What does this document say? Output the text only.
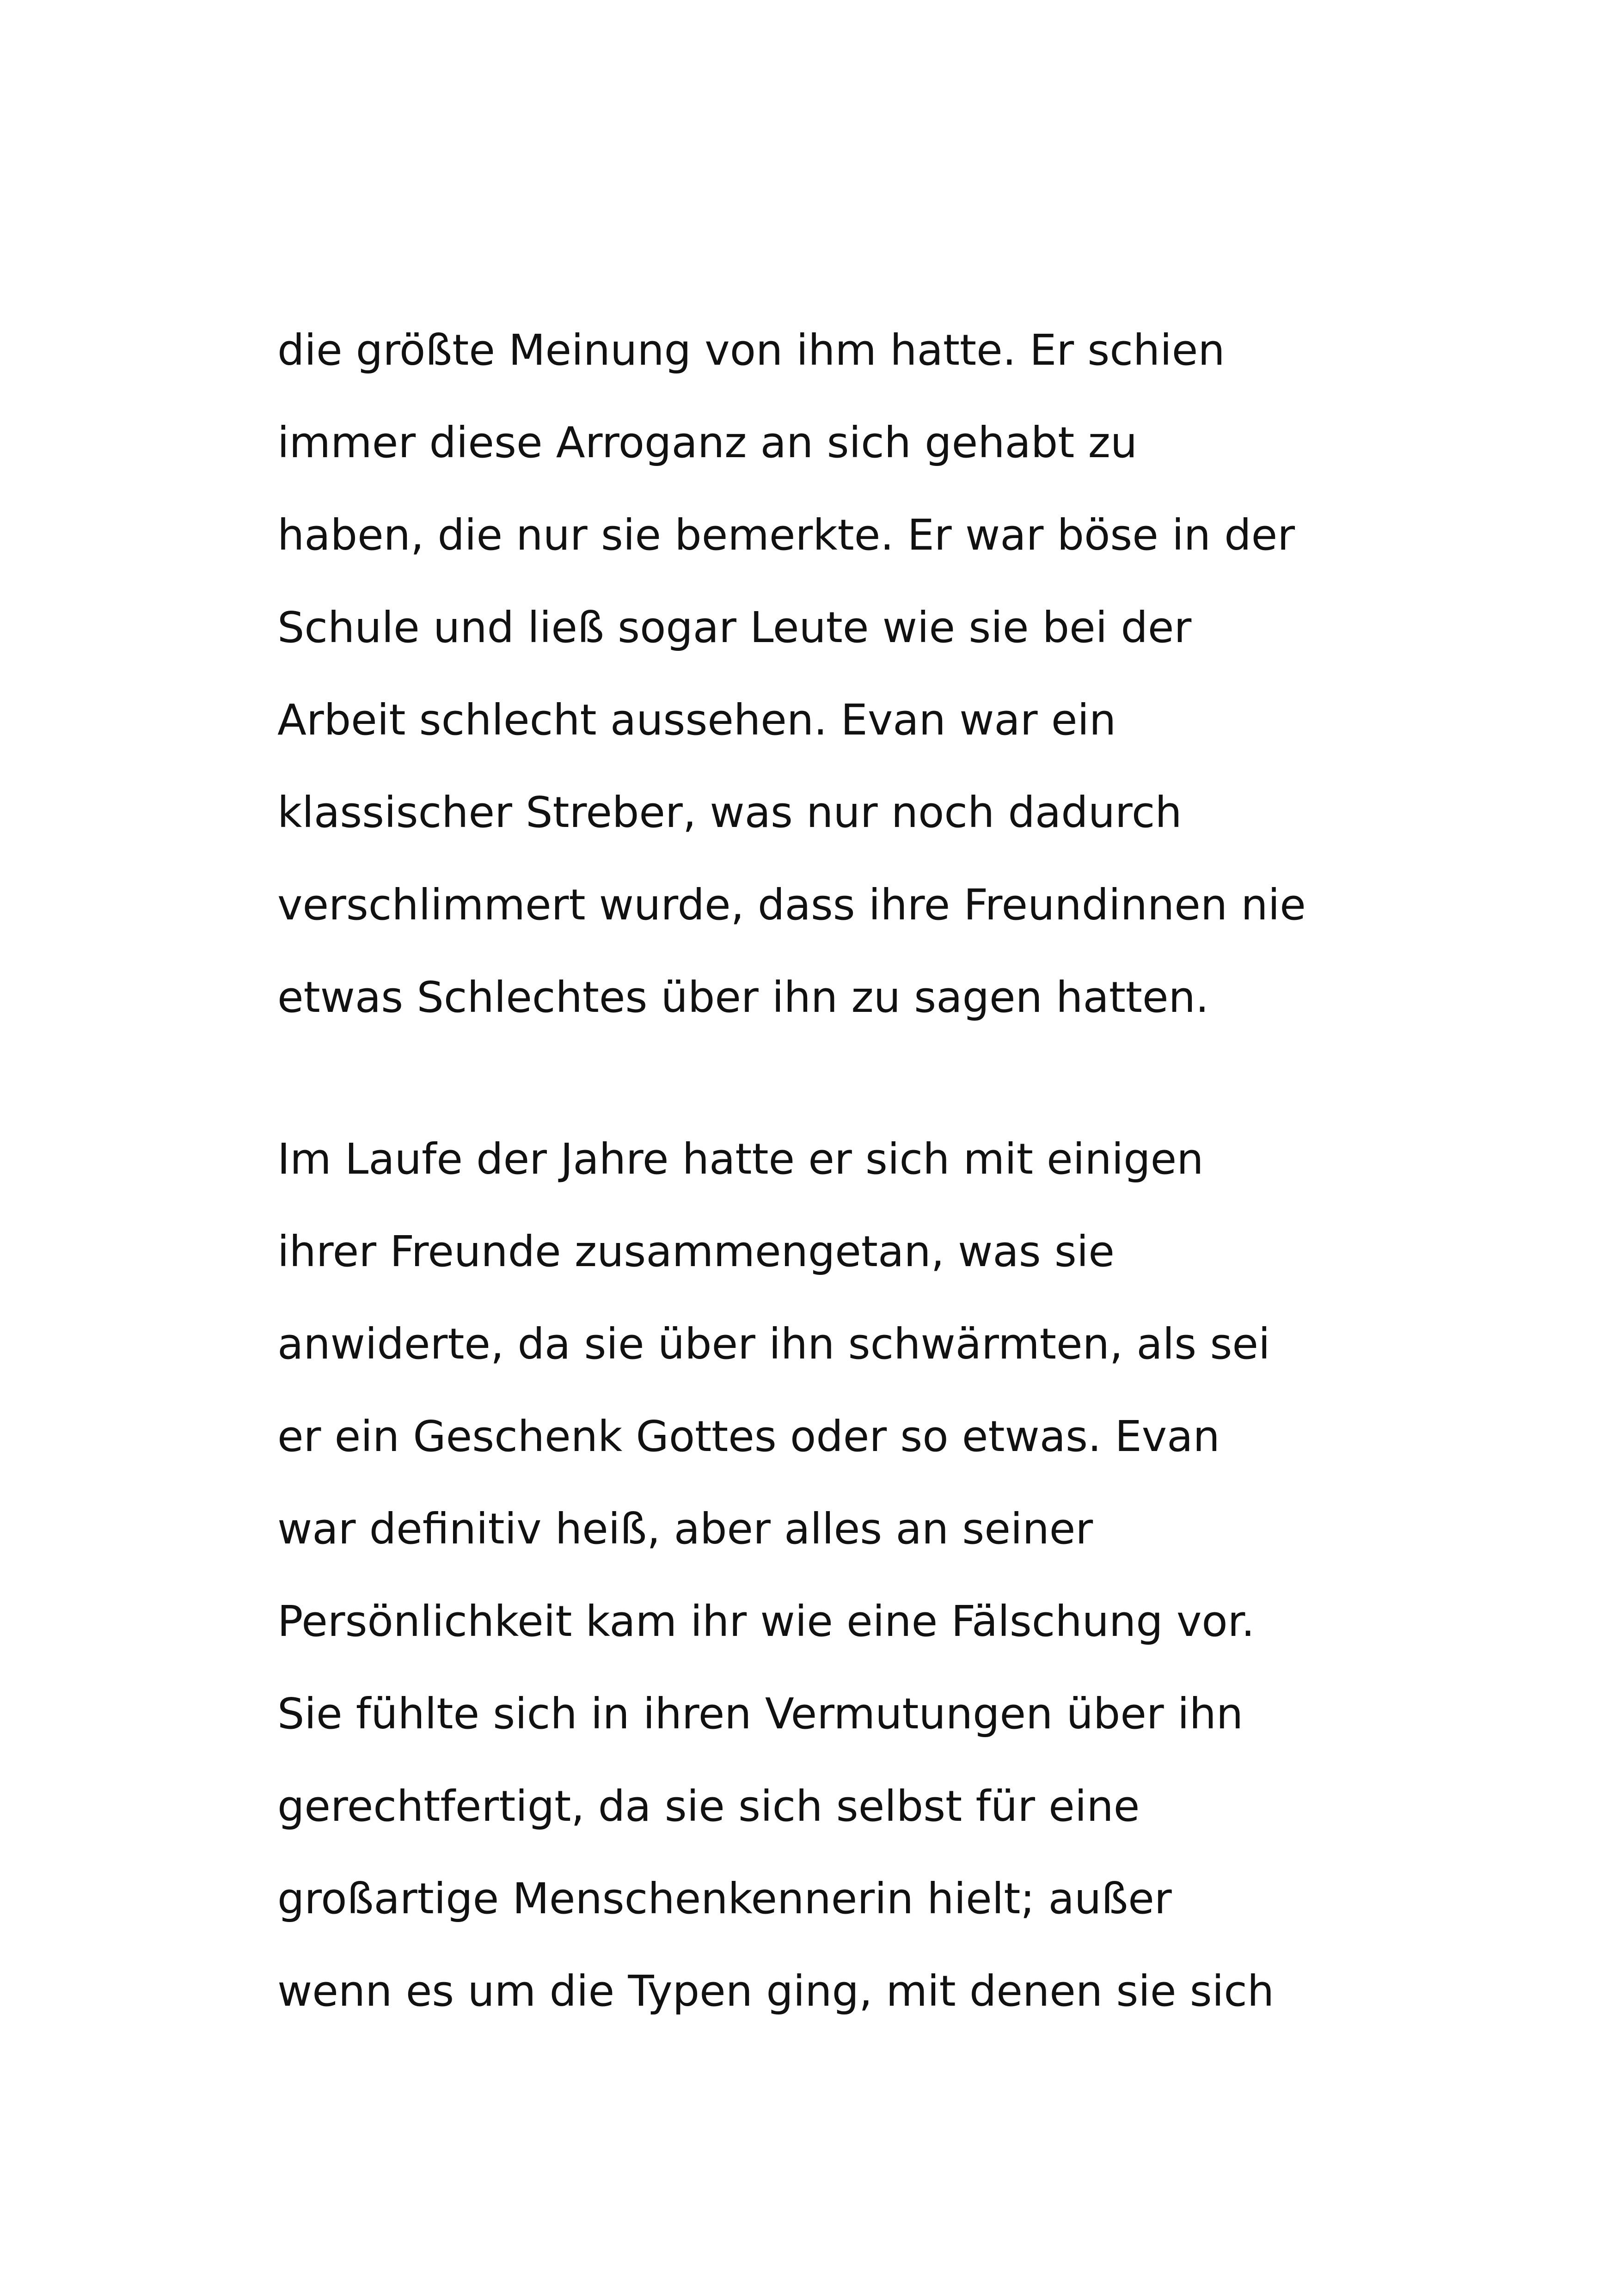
die größte Meinung von ihm hatte. Er schien
immer diese Arroganz an sich gehabt zu
haben, die nur sie bemerkte. Er war böse in der
Schule und ließ sogar Leute wie sie bei der
Arbeit schlecht aussehen. Evan war ein
klassischer Streber, was nur noch dadurch
verschlimmert wurde, dass ihre Freundinnen nie
etwas Schlechtes über ihn zu sagen hatten.
Im Laufe der Jahre hatte er sich mit einigen
ihrer Freunde zusammengetan, was sie
anwiderte, da sie über ihn schwärmten, als sei
er ein Geschenk Gottes oder so etwas. Evan
war definitiv heiß, aber alles an seiner
Persönlichkeit kam ihr wie eine Fälschung vor.
Sie fühlte sich in ihren Vermutungen über ihn
gerechtfertigt, da sie sich selbst für eine
großartige Menschenkennerin hielt; außer
wenn es um die Typen ging, mit denen sie sich
